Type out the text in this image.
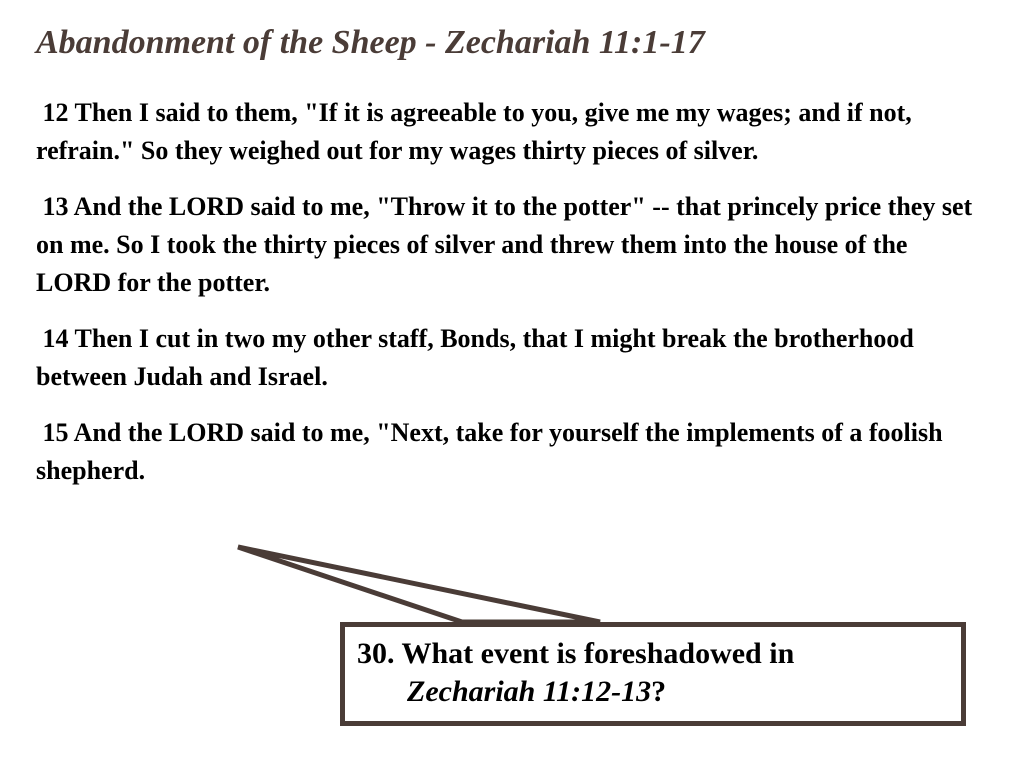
Abandonment of the Sheep - Zechariah 11:1-17

12 Then I said to them, "If it is agreeable to you, give me my wages; and if not, refrain." So they weighed out for my wages thirty pieces of silver.

13 And the LORD said to me, "Throw it to the potter" -- that princely price they set on me. So I took the thirty pieces of silver and threw them into the house of the LORD for the potter.

14 Then I cut in two my other staff, Bonds, that I might break the brotherhood between Judah and Israel.

15 And the LORD said to me, "Next, take for yourself the implements of a foolish shepherd.

30. What event is foreshadowed in
Zechariah 11:12-13?
